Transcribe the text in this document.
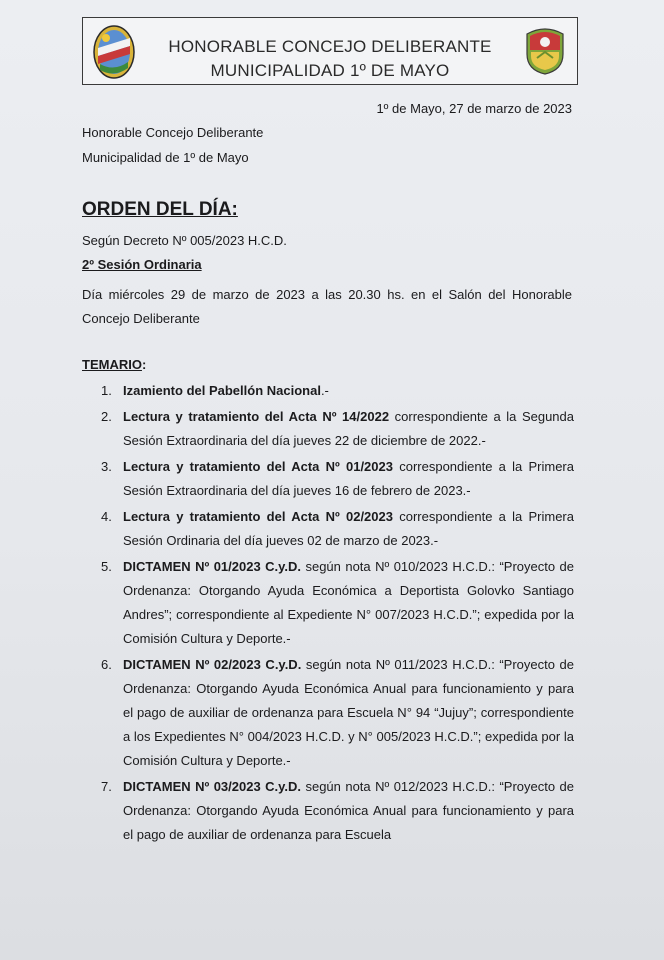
HONORABLE CONCEJO DELIBERANTE
MUNICIPALIDAD 1º DE MAYO
1º de Mayo, 27 de marzo de 2023
Honorable Concejo Deliberante
Municipalidad de 1º de Mayo
ORDEN DEL DÍA:
Según Decreto Nº 005/2023 H.C.D.
2º Sesión Ordinaria
Día miércoles 29 de marzo de 2023 a las 20.30 hs. en el Salón del Honorable Concejo Deliberante
TEMARIO:
1. Izamiento del Pabellón Nacional.-
2. Lectura y tratamiento del Acta Nº 14/2022 correspondiente a la Segunda Sesión Extraordinaria del día jueves 22 de diciembre de 2022.-
3. Lectura y tratamiento del Acta Nº 01/2023 correspondiente a la Primera Sesión Extraordinaria del día jueves 16 de febrero de 2023.-
4. Lectura y tratamiento del Acta Nº 02/2023 correspondiente a la Primera Sesión Ordinaria del día jueves 02 de marzo de 2023.-
5. DICTAMEN Nº 01/2023 C.y.D. según nota Nº 010/2023 H.C.D.: “Proyecto de Ordenanza: Otorgando Ayuda Económica a Deportista Golovko Santiago Andres”; correspondiente al Expediente N° 007/2023 H.C.D.”; expedida por la Comisión Cultura y Deporte.-
6. DICTAMEN Nº 02/2023 C.y.D. según nota Nº 011/2023 H.C.D.: “Proyecto de Ordenanza: Otorgando Ayuda Económica Anual para funcionamiento y para el pago de auxiliar de ordenanza para Escuela N° 94 “Jujuy”; correspondiente a los Expedientes N° 004/2023 H.C.D. y N° 005/2023 H.C.D.”; expedida por la Comisión Cultura y Deporte.-
7. DICTAMEN Nº 03/2023 C.y.D. según nota Nº 012/2023 H.C.D.: “Proyecto de Ordenanza: Otorgando Ayuda Económica Anual para funcionamiento y para el pago de auxiliar de ordenanza para Escuela
